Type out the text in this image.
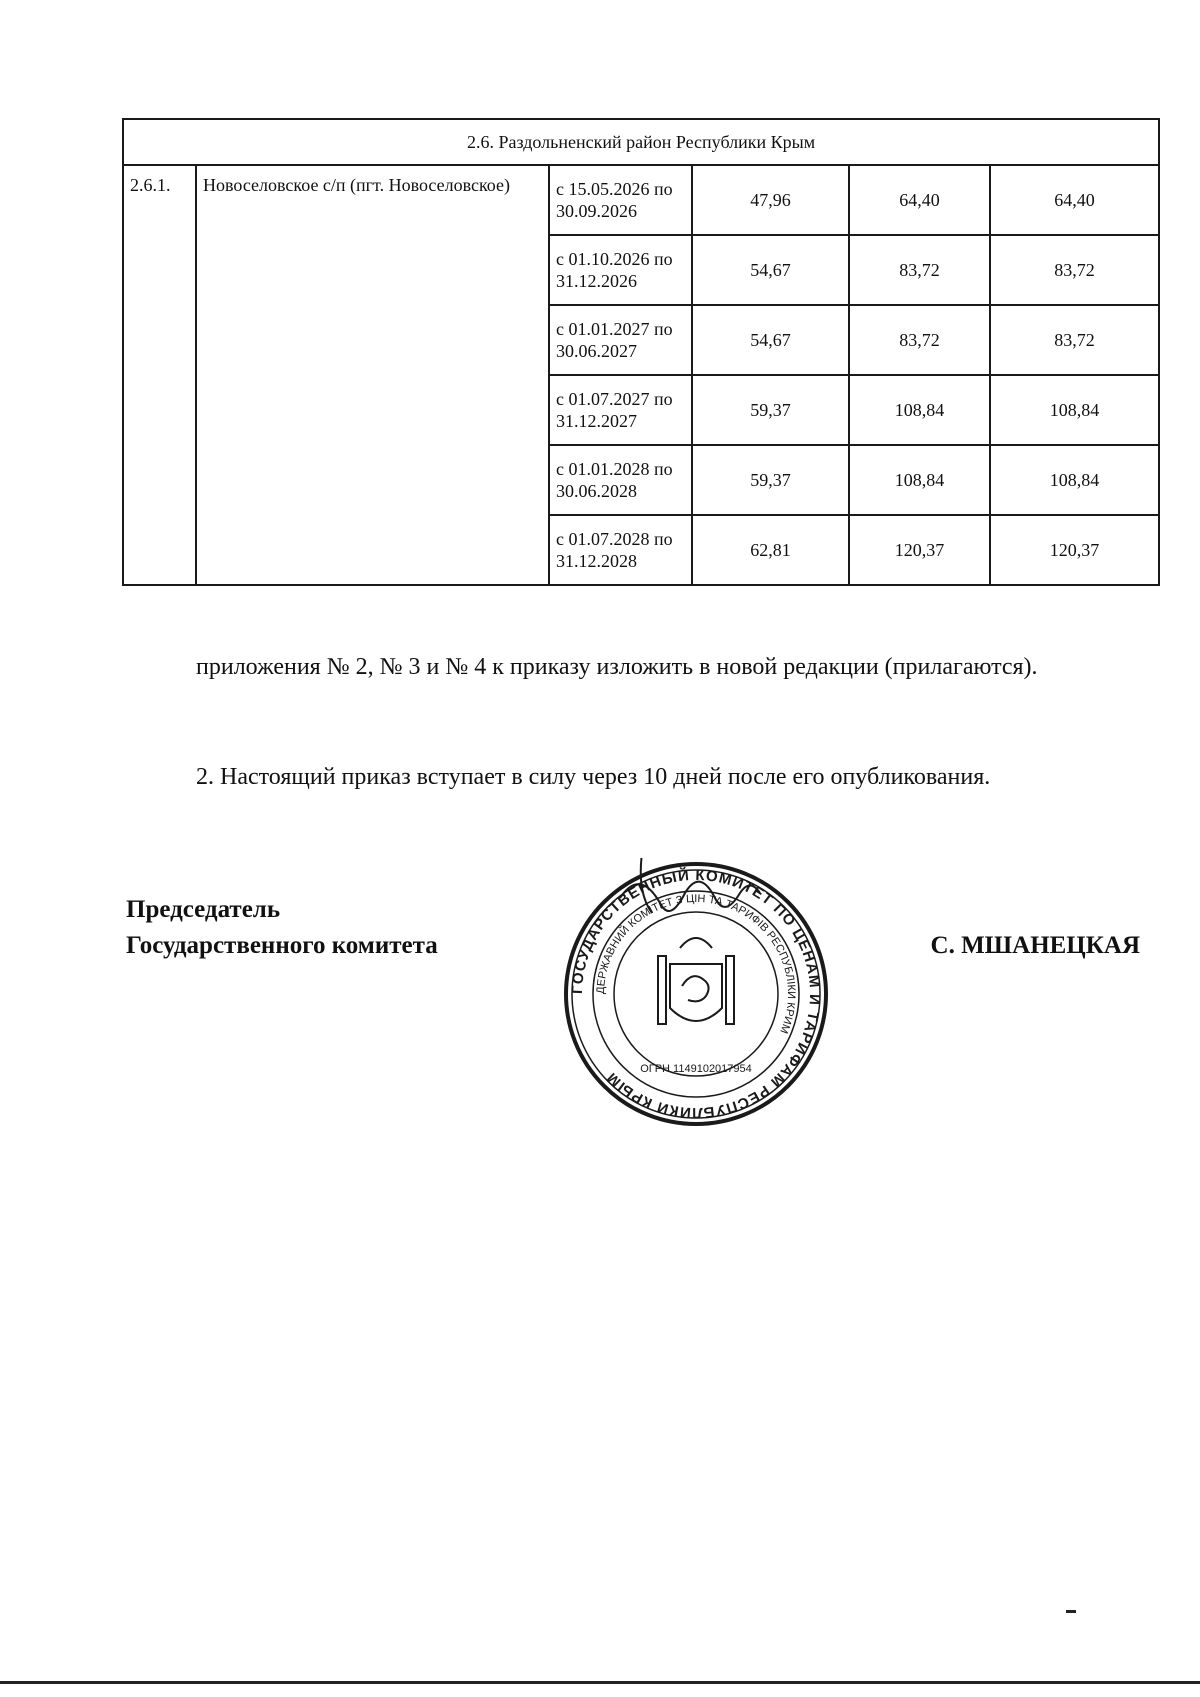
2.6. Раздольненский район Республики Крым					
2.6.1.	Новоселовское с/п (пгт. Новоселовское)	с 15.05.2026 по 30.09.2026	47,96	64,40	64,40
		с 01.10.2026 по 31.12.2026	54,67	83,72	83,72
		с 01.01.2027 по 30.06.2027	54,67	83,72	83,72
		с 01.07.2027 по 31.12.2027	59,37	108,84	108,84
		с 01.01.2028 по 30.06.2028	59,37	108,84	108,84
		с 01.07.2028 по 31.12.2028	62,81	120,37	120,37

приложения № 2, № 3 и № 4 к приказу изложить в новой редакции (прилагаются).

2. Настоящий приказ вступает в силу через 10 дней после его опубликования.

Председатель
Государственного комитета
ГОСУДАРСТВЕННЫЙ КОМИТЕТ ПО ЦЕНАМ И ТАРИФАМ РЕСПУБЛИКИ КРЫМ
ДЕРЖАВНИЙ КОМІТЕТ З ЦІН ТА ТАРИФІВ РЕСПУБЛІКИ КРИМ
ОГРН 1149102017954
С. МШАНЕЦКАЯ
